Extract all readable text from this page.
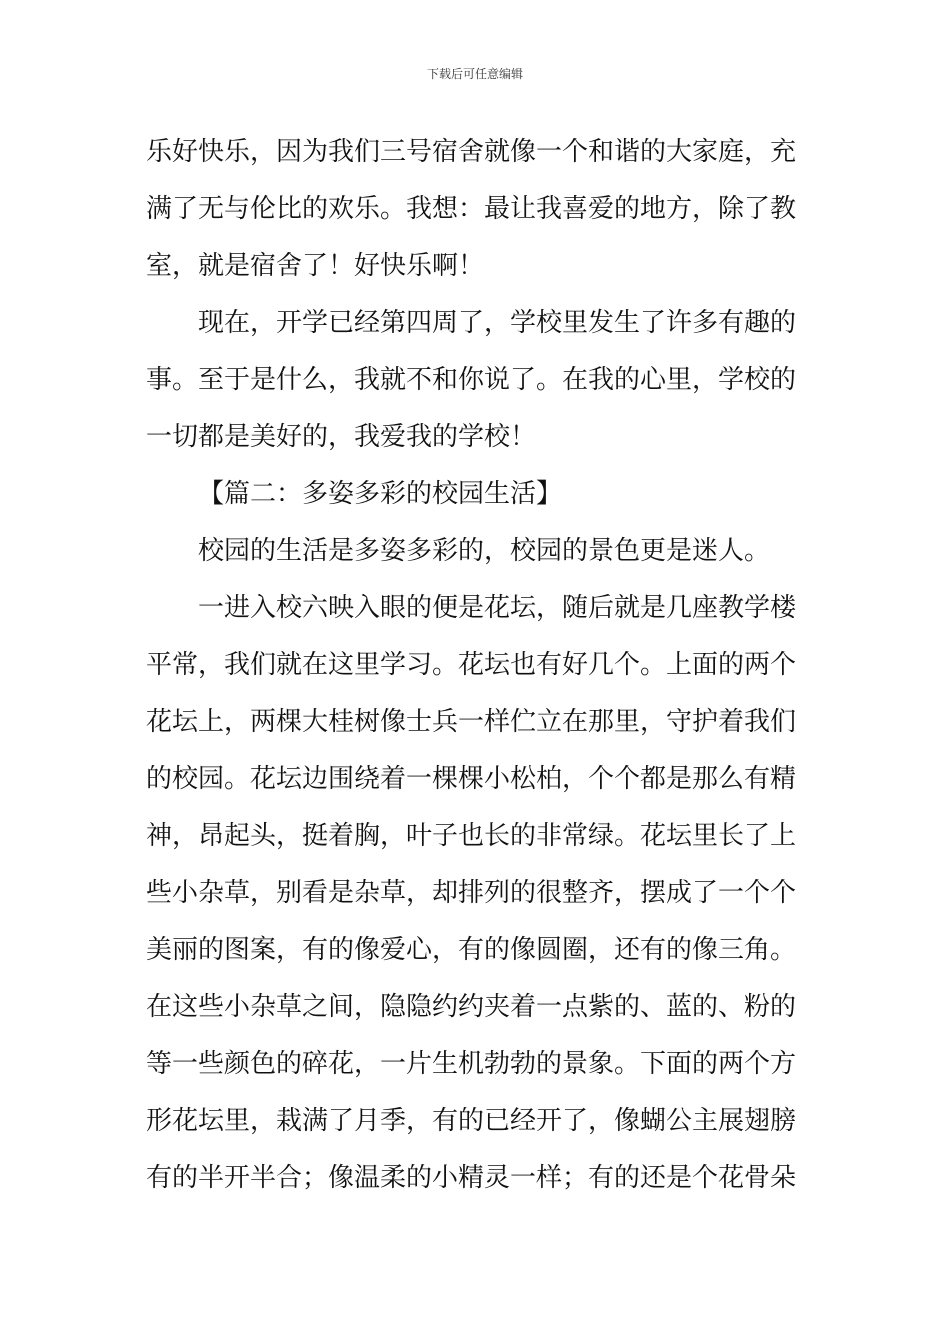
下载后可任意编辑
乐好快乐，因为我们三号宿舍就像一个和谐的大家庭，充
满了无与伦比的欢乐。我想：最让我喜爱的地方，除了教
室，就是宿舍了！好快乐啊！
现在，开学已经第四周了，学校里发生了许多有趣的
事。至于是什么，我就不和你说了。在我的心里，学校的
一切都是美好的，我爱我的学校！
【篇二：多姿多彩的校园生活】
校园的生活是多姿多彩的，校园的景色更是迷人。
一进入校六映入眼的便是花坛，随后就是几座教学楼
平常，我们就在这里学习。花坛也有好几个。上面的两个
花坛上，两棵大桂树像士兵一样伫立在那里，守护着我们
的校园。花坛边围绕着一棵棵小松柏，个个都是那么有精
神，昂起头，挺着胸，叶子也长的非常绿。花坛里长了上
些小杂草，别看是杂草，却排列的很整齐，摆成了一个个
美丽的图案，有的像爱心，有的像圆圈，还有的像三角。
在这些小杂草之间，隐隐约约夹着一点紫的、蓝的、粉的
等一些颜色的碎花，一片生机勃勃的景象。下面的两个方
形花坛里，栽满了月季，有的已经开了，像蝴公主展翅膀
有的半开半合；像温柔的小精灵一样；有的还是个花骨朵
